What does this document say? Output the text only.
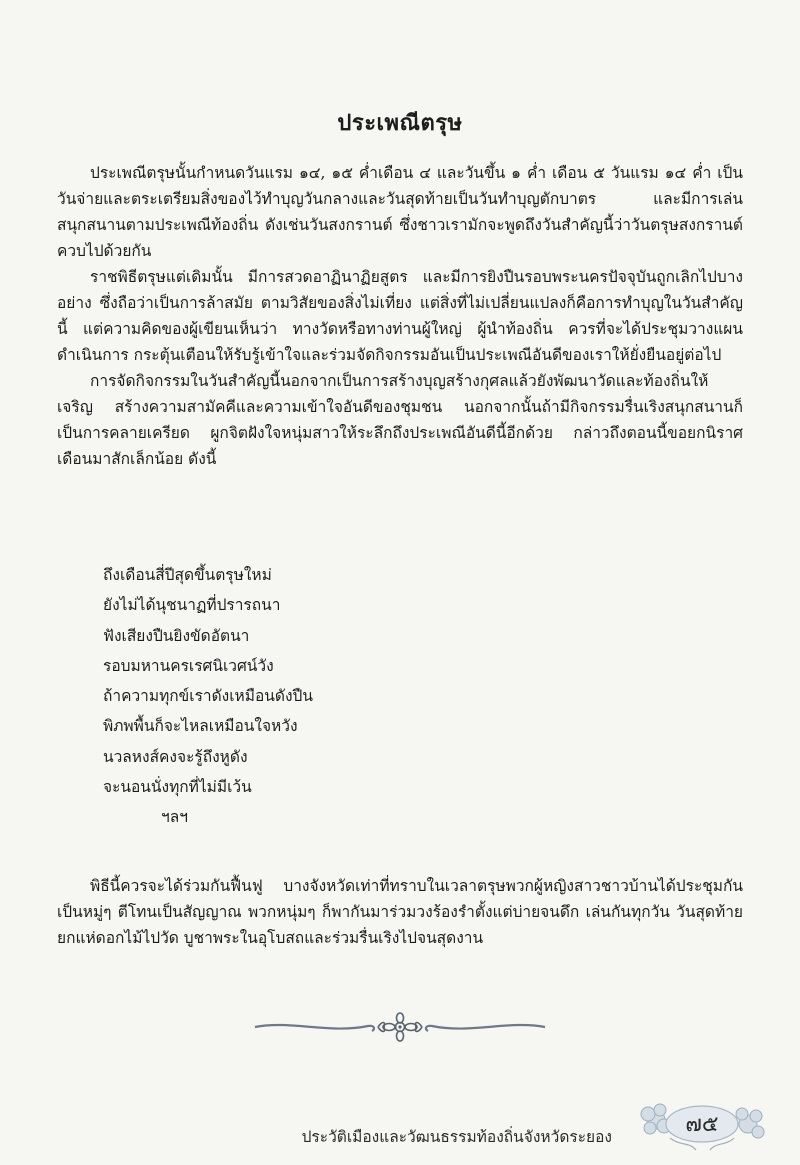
ประเพณีตรุษ

ประเพณีตรุษนั้นกำหนดวันแรม ๑๔, ๑๕ ค่ำเดือน ๔ และวันขึ้น ๑ ค่ำ เดือน ๕ วันแรม ๑๔ ค่ำ เป็นวันจ่ายและตระเตรียมสิ่งของไว้ทำบุญวันกลางและวันสุดท้ายเป็นวันทำบุญตักบาตร และมีการเล่นสนุกสนานตามประเพณีท้องถิ่น ดังเช่นวันสงกรานต์ ซึ่งชาวเรามักจะพูดถึงวันสำคัญนี้ว่าวันตรุษสงกรานต์ ควบไปด้วยกัน

ราชพิธีตรุษแต่เดิมนั้น มีการสวดอาฏินาฏิยสูตร และมีการยิงปืนรอบพระนครปัจจุบันถูกเลิกไปบางอย่าง ซึ่งถือว่าเป็นการล้าสมัย ตามวิสัยของสิ่งไม่เที่ยง แต่สิ่งที่ไม่เปลี่ยนแปลงก็คือการทำบุญในวันสำคัญนี้ แต่ความคิดของผู้เขียนเห็นว่า ทางวัดหรือทางท่านผู้ใหญ่ ผู้นำท้องถิ่น ควรที่จะได้ประชุมวางแผนดำเนินการ กระตุ้นเตือนให้รับรู้เข้าใจและร่วมจัดกิจกรรมอันเป็นประเพณีอันดีของเราให้ยั่งยืนอยู่ต่อไป

การจัดกิจกรรมในวันสำคัญนี้นอกจากเป็นการสร้างบุญสร้างกุศลแล้วยังพัฒนาวัดและท้องถิ่นให้เจริญ สร้างความสามัคคีและความเข้าใจอันดีของชุมชน นอกจากนั้นถ้ามีกิจกรรมรื่นเริงสนุกสนานก็เป็นการคลายเครียด ผูกจิตฝังใจหนุ่มสาวให้ระลึกถึงประเพณีอันดีนี้อีกด้วย กล่าวถึงตอนนี้ขอยกนิราศเดือนมาสักเล็กน้อย ดังนี้

ถึงเดือนสี่ปีสุดขึ้นตรุษใหม่
ยังไม่ได้นุชนาฏที่ปรารถนา
ฟังเสียงปืนยิงขัดอัตนา
รอบมหานครเรศนิเวศน์วัง
ถ้าความทุกข์เราดังเหมือนดังปืน
พิภพพื้นก็จะไหลเหมือนใจหวัง
นวลหงส์คงจะรู้ถึงหูดัง
จะนอนนั่งทุกที่ไม่มีเว้น
ฯลฯ

พิธีนี้ควรจะได้ร่วมกันฟื้นฟู บางจังหวัดเท่าที่ทราบในเวลาตรุษพวกผู้หญิงสาวชาวบ้านได้ประชุมกันเป็นหมู่ๆ ตีโทนเป็นสัญญาณ พวกหนุ่มๆ ก็พากันมาร่วมวงร้องรำตั้งแต่บ่ายจนดึก เล่นกันทุกวัน วันสุดท้ายยกแห่ดอกไม้ไปวัด บูชาพระในอุโบสถและร่วมรื่นเริงไปจนสุดงาน

๗๕
ประวัติเมืองและวัฒนธรรมท้องถิ่นจังหวัดระยอง
